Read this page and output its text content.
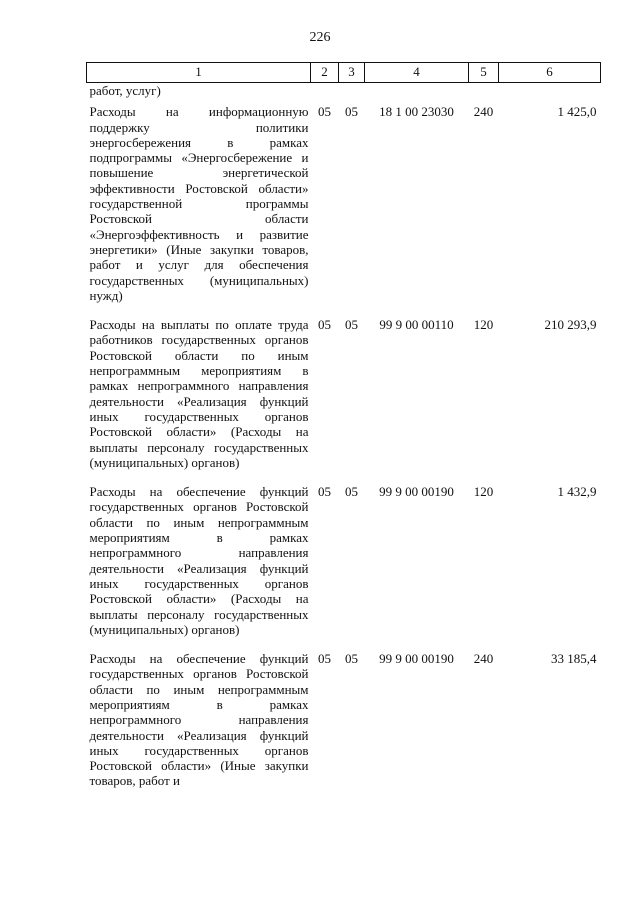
226
1	2	3	4	5	6
работ, услуг)					
Расходы на информационную поддержку политики энергосбережения в рамках подпрограммы «Энергосбережение и повышение энергетической эффективности Ростовской области» государственной программы Ростовской области «Энергоэффективность и развитие энергетики» (Иные закупки товаров, работ и услуг для обеспечения государственных (муниципальных) нужд)	05	05	18 1 00 23030	240	1 425,0
Расходы на выплаты по оплате труда работников государственных органов Ростовской области по иным непрограммным мероприятиям в рамках непрограммного направления деятельности «Реализация функций иных государственных органов Ростовской области» (Расходы на выплаты персоналу государственных (муниципальных) органов)	05	05	99 9 00 00110	120	210 293,9
Расходы на обеспечение функций государственных органов Ростовской области по иным непрограммным мероприятиям в рамках непрограммного направления деятельности «Реализация функций иных государственных органов Ростовской области» (Расходы на выплаты персоналу государственных (муниципальных) органов)	05	05	99 9 00 00190	120	1 432,9
Расходы на обеспечение функций государственных органов Ростовской области по иным непрограммным мероприятиям в рамках непрограммного направления деятельности «Реализация функций иных государственных органов Ростовской области» (Иные закупки товаров, работ и	05	05	99 9 00 00190	240	33 185,4
